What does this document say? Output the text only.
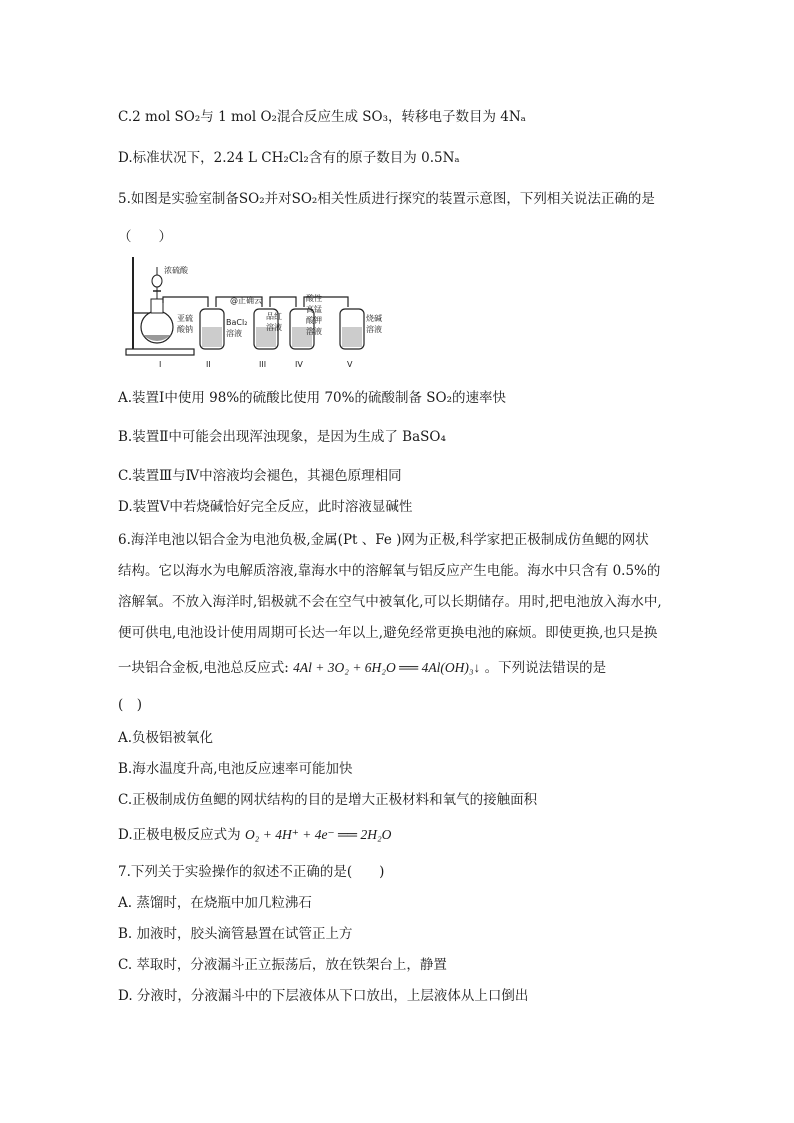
C.2 mol SO₂与 1 mol O₂混合反应生成 SO₃，转移电子数目为 4Nₐ
D.标准状况下，2.24 L CH₂Cl₂含有的原子数目为 0.5Nₐ
5.如图是实验室制备SO₂并对SO₂相关性质进行探究的装置示意图，下列相关说法正确的是
（　　）
浓硫酸
亚硫
酸钠
@正确云
BaCl₂
溶液
品红
溶液
酸性
高锰
酸钾
溶液
烧碱
溶液
I	II	III	IV	V
A.装置Ⅰ中使用 98%的硫酸比使用 70%的硫酸制备 SO₂的速率快
B.装置Ⅱ中可能会出现浑浊现象，是因为生成了 BaSO₄
C.装置Ⅲ与Ⅳ中溶液均会褪色，其褪色原理相同
D.装置Ⅴ中若烧碱恰好完全反应，此时溶液显碱性
6.海洋电池以铝合金为电池负极,金属(Pt 、Fe )网为正极,科学家把正极制成仿鱼鳃的网状
结构。它以海水为电解质溶液,靠海水中的溶解氧与铝反应产生电能。海水中只含有 0.5%的
溶解氧。不放入海洋时,铝极就不会在空气中被氧化,可以长期储存。用时,把电池放入海水中,
便可供电,电池设计使用周期可长达一年以上,避免经常更换电池的麻烦。即使更换,也只是换
一块铝合金板,电池总反应式: 4Al + 3O₂ + 6H₂O ══ 4Al(OH)₃↓ 。下列说法错误的是
(　)
A.负极铝被氧化
B.海水温度升高,电池反应速率可能加快
C.正极制成仿鱼鳃的网状结构的目的是增大正极材料和氧气的接触面积
D.正极电极反应式为 O₂ + 4H⁺ + 4e⁻ ══ 2H₂O
7.下列关于实验操作的叙述不正确的是(　　)
A. 蒸馏时，在烧瓶中加几粒沸石
B. 加液时，胶头滴管悬置在试管正上方
C. 萃取时，分液漏斗正立振荡后，放在铁架台上，静置
D. 分液时，分液漏斗中的下层液体从下口放出，上层液体从上口倒出
